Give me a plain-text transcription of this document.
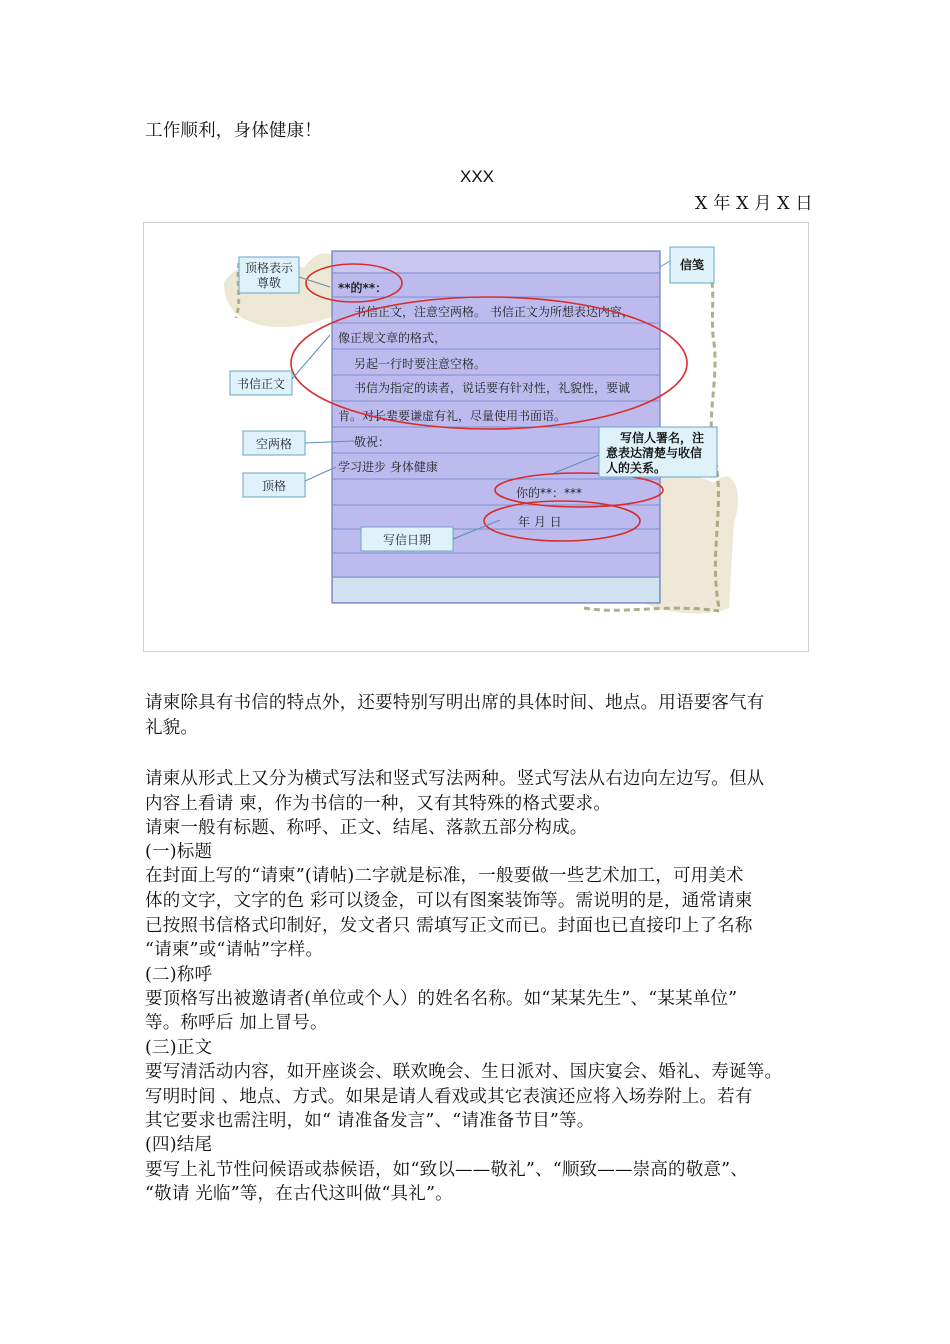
工作顺利，身体健康！
XXX
X 年 X 月 X 日
**的**：
书信正文，注意空两格。 书信正文为所想表达内容，
像正规文章的格式，
另起一行时要注意空格。
书信为指定的读者，说话要有针对性，礼貌性，要诚
肯。对长辈要谦虚有礼，尽量使用书面语。
敬祝：
学习进步 身体健康
你的**：***
年 月 日
顶格表示
尊敬
书信正文
空两格
顶格
写信日期
信笺
写信人署名，注
意表达清楚与收信
人的关系。
请柬除具有书信的特点外，还要特别写明出席的具体时间、地点。用语要客气有
礼貌。
请柬从形式上又分为横式写法和竖式写法两种。竖式写法从右边向左边写。但从
内容上看请 柬，作为书信的一种，又有其特殊的格式要求。
请柬一般有标题、称呼、正文、结尾、落款五部分构成。
(一)标题
在封面上写的“请柬”(请帖)二字就是标准，一般要做一些艺术加工，可用美术
体的文字，文字的色 彩可以烫金，可以有图案装饰等。需说明的是，通常请柬
已按照书信格式印制好，发文者只 需填写正文而已。封面也已直接印上了名称
“请柬”或“请帖”字样。
(二)称呼
要顶格写出被邀请者(单位或个人）的姓名名称。如“某某先生”、“某某单位”
等。称呼后 加上冒号。
(三)正文
要写清活动内容，如开座谈会、联欢晚会、生日派对、国庆宴会、婚礼、寿诞等。
写明时间 、地点、方式。如果是请人看戏或其它表演还应将入场券附上。若有
其它要求也需注明，如“ 请准备发言”、“请准备节目”等。
(四)结尾
要写上礼节性问候语或恭候语，如“致以——敬礼”、“顺致——崇高的敬意”、
“敬请 光临”等，在古代这叫做“具礼”。
